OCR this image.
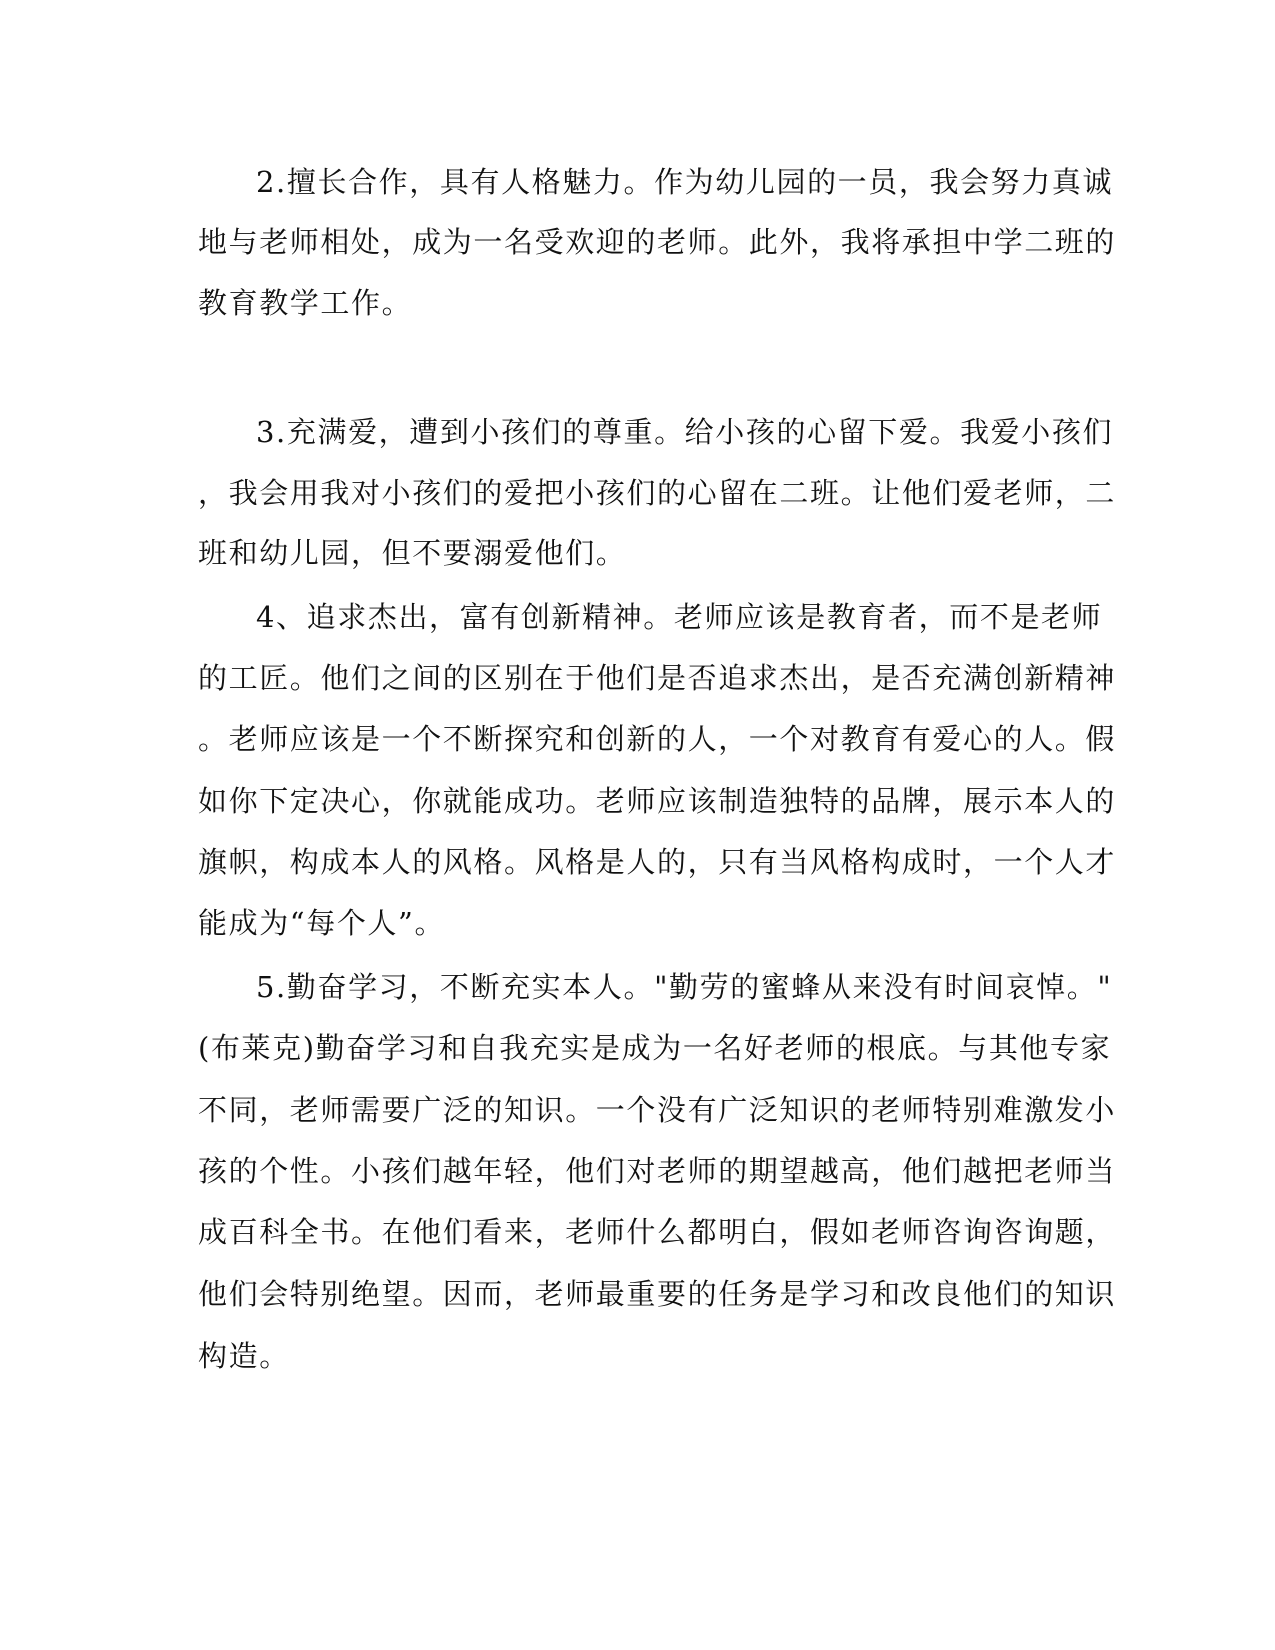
2.擅长合作，具有人格魅力。作为幼儿园的一员，我会努力真诚
地与老师相处，成为一名受欢迎的老师。此外，我将承担中学二班的
教育教学工作。
3.充满爱，遭到小孩们的尊重。给小孩的心留下爱。我爱小孩们
，我会用我对小孩们的爱把小孩们的心留在二班。让他们爱老师，二
班和幼儿园，但不要溺爱他们。
4、追求杰出，富有创新精神。老师应该是教育者，而不是老师
的工匠。他们之间的区别在于他们是否追求杰出，是否充满创新精神
。老师应该是一个不断探究和创新的人，一个对教育有爱心的人。假
如你下定决心，你就能成功。老师应该制造独特的品牌，展示本人的
旗帜，构成本人的风格。风格是人的，只有当风格构成时，一个人才
能成为“每个人”。
5.勤奋学习，不断充实本人。"勤劳的蜜蜂从来没有时间哀悼。"
(布莱克)勤奋学习和自我充实是成为一名好老师的根底。与其他专家
不同，老师需要广泛的知识。一个没有广泛知识的老师特别难激发小
孩的个性。小孩们越年轻，他们对老师的期望越高，他们越把老师当
成百科全书。在他们看来，老师什么都明白，假如老师咨询咨询题，
他们会特别绝望。因而，老师最重要的任务是学习和改良他们的知识
构造。
